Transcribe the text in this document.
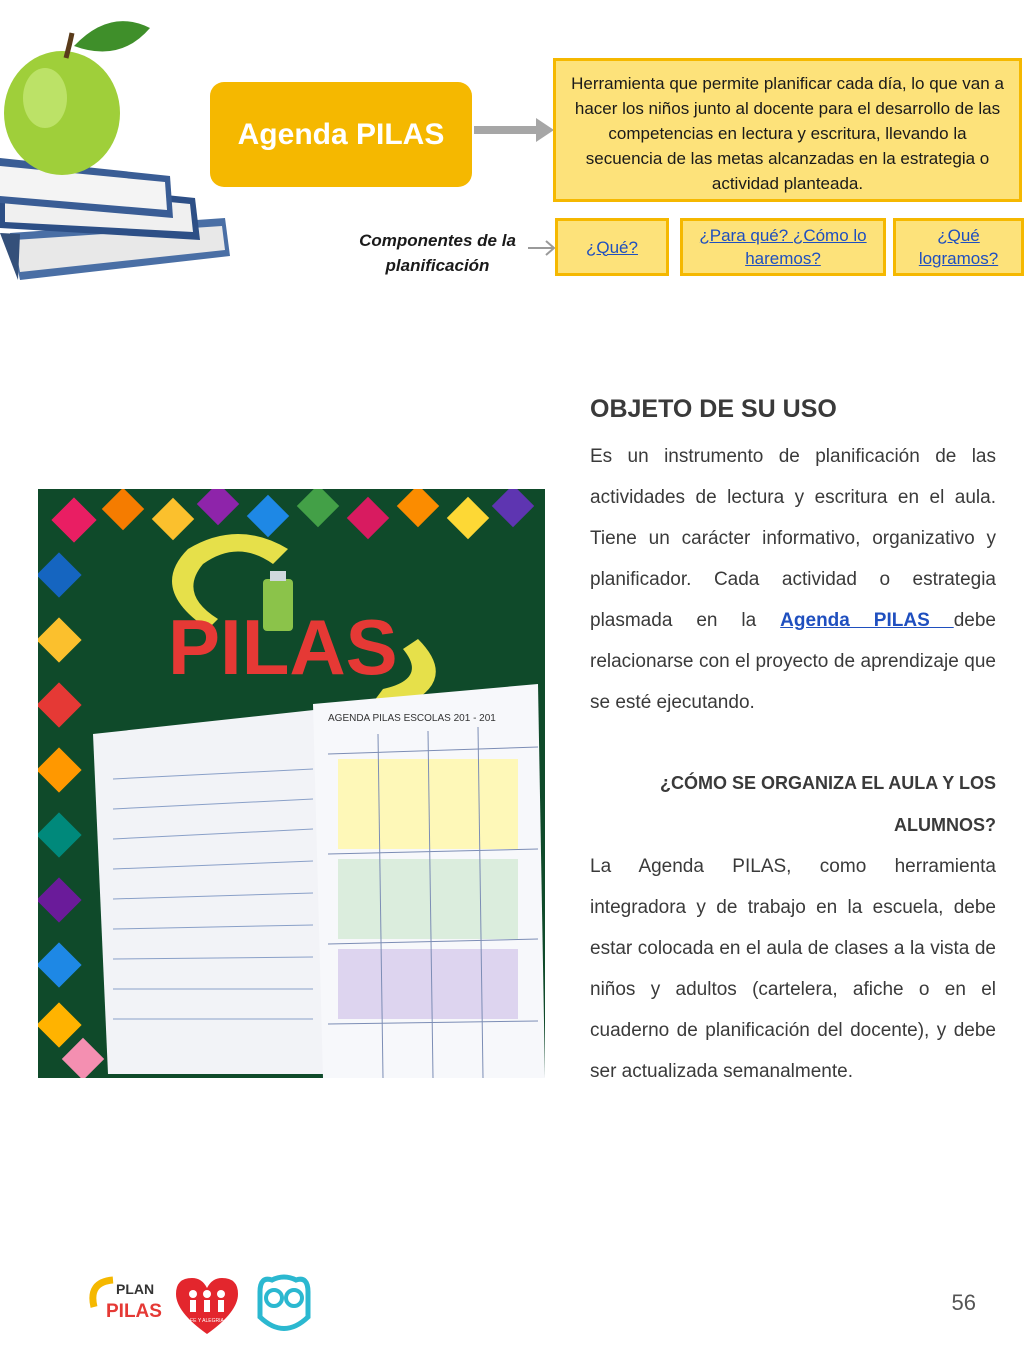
Agenda PILAS
Herramienta que permite planificar cada día, lo que van a hacer los niños junto al docente para el desarrollo de las competencias en lectura y escritura, llevando la secuencia de las metas alcanzadas en la estrategia o actividad planteada.
Componentes de la planificación
¿Qué?
¿Para qué? ¿Cómo lo haremos?
¿Qué logramos?
PILAS
AGENDA PILAS ESCOLAS 201 - 201
OBJETO DE SU USO

Es un instrumento de planificación de las actividades de lectura y escritura en el aula. Tiene un carácter informativo, organizativo y planificador. Cada actividad o estrategia plasmada en la Agenda PILAS debe relacionarse con el proyecto de aprendizaje que se esté ejecutando.

¿CÓMO SE ORGANIZA EL AULA Y LOS ALUMNOS?

La Agenda PILAS, como herramienta integradora y de trabajo en la escuela, debe estar colocada en el aula de clases a la vista de niños y adultos (cartelera, afiche o en el cuaderno de planificación del docente), y debe ser actualizada semanalmente.

PLAN
PILAS	FE Y ALEGRIA
56
